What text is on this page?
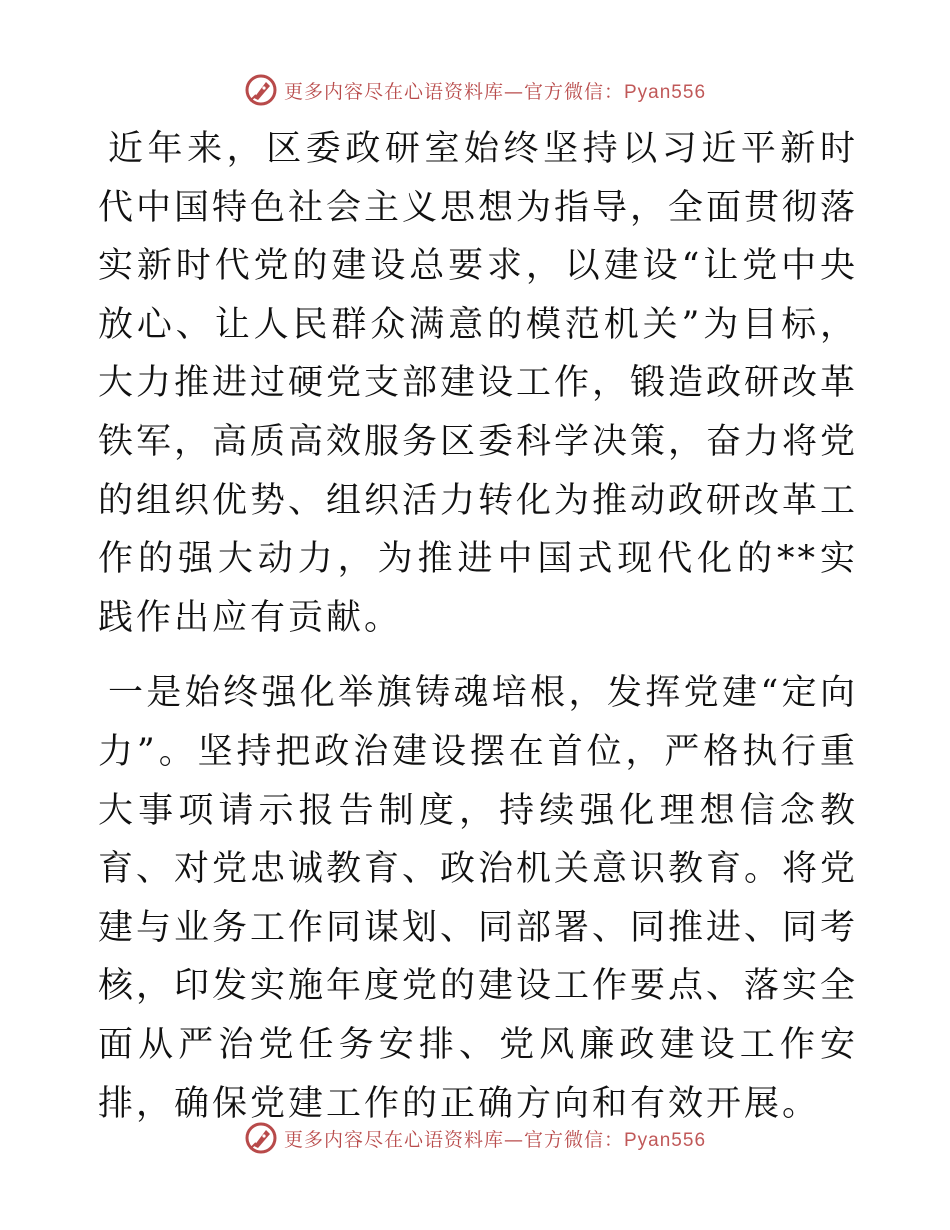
更多内容尽在心语资料库—官方微信：Pyan556

近年来，区委政研室始终坚持以习近平新时代中国特色社会主义思想为指导，全面贯彻落实新时代党的建设总要求，以建设“让党中央放心、让人民群众满意的模范机关”为目标，大力推进过硬党支部建设工作，锻造政研改革铁军，高质高效服务区委科学决策，奋力将党的组织优势、组织活力转化为推动政研改革工作的强大动力，为推进中国式现代化的**实践作出应有贡献。

一是始终强化举旗铸魂培根，发挥党建“定向力”。坚持把政治建设摆在首位，严格执行重大事项请示报告制度，持续强化理想信念教育、对党忠诚教育、政治机关意识教育。将党建与业务工作同谋划、同部署、同推进、同考核，印发实施年度党的建设工作要点、落实全面从严治党任务安排、党风廉政建设工作安排，确保党建工作的正确方向和有效开展。

更多内容尽在心语资料库—官方微信：Pyan556
